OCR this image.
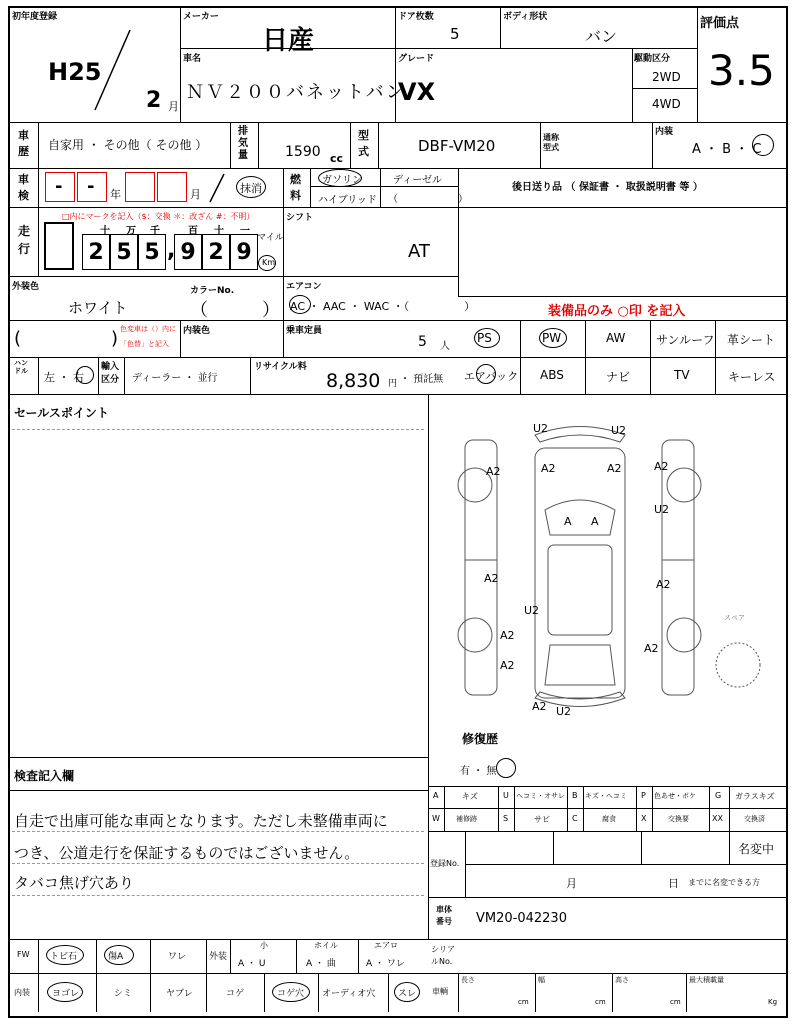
初年度登録
H25
2 月
メーカー
日産
ドア枚数
5
ボディ形状
バン
評価点
3.5
車名
ＮＶ２００バネットバン
グレード
VX
駆動区分
2WD
4WD
車歴 自家用 ・ その他（ その他 ）
排気量	1590 cc
型式	DBF-VM20	通称型式
内装
A ・ B ・ C
車検 - - 年	月	抹消
燃料
ガソリン	ディーゼル
ハイブリッド （　　　　　　）
後日送り品 （ 保証書 ・ 取扱説明書 等 ）
□内にマークを記入（$：交換 ＊：改ざん #：不明）
走行	2 5 5 , 9 2 9
十 万 千	百 十 一
マイル
Km
シフト
AT
外装色
ホワイト
カラーNo.
（　　　）
(　　　　　) 色変車は（）内に
「色替」と記入
内装色
エアコン
AC ・ AAC ・ WAC ・（　　　　　）
乗車定員
5 人
装備品のみ ○印 を記入
PS	PW	AW	サンルーフ 革シート
エアバック ABS	ナビ	TV	キーレス
ハンドル 左 ・ 右
輸入区分 ディーラー ・ 並行
リサイクル料
8,830 円 ・ 預託無
セールスポイント
検査記入欄
自走で出庫可能な車両となります。ただし未整備車両に
つき、公道走行を保証するものではございません。
タバコ焦げ穴あり
U2	U2
A2	A2	A2	A2
U2
A A
A2	A2
U2
A2
A2
A2
A2 U2
スペア
修復歴
有 ・ 無
A	キズ	U ヘコミ・オサレ B キズ・ヘコミ P 色あせ・ボケ G ガラスキズ
W 補修跡	S	サビ	C	腐食	X	交換要	XX	交換済
登録No.
名変中
月	日 までに名変できる方
車体番号	VM20-042230
FW トビ石	傷A	ワレ	外装
小
A ・ U
ホイル
A ・ 曲
エアロ
A ・ ワレ
シリアルNo.
内装 ヨゴレ	シミ	ヤブレ	コゲ	コゲ穴 オーディオ穴	スレ 車輌
長さ
cm
幅
cm
高さ
cm
最大積載量
Kg
